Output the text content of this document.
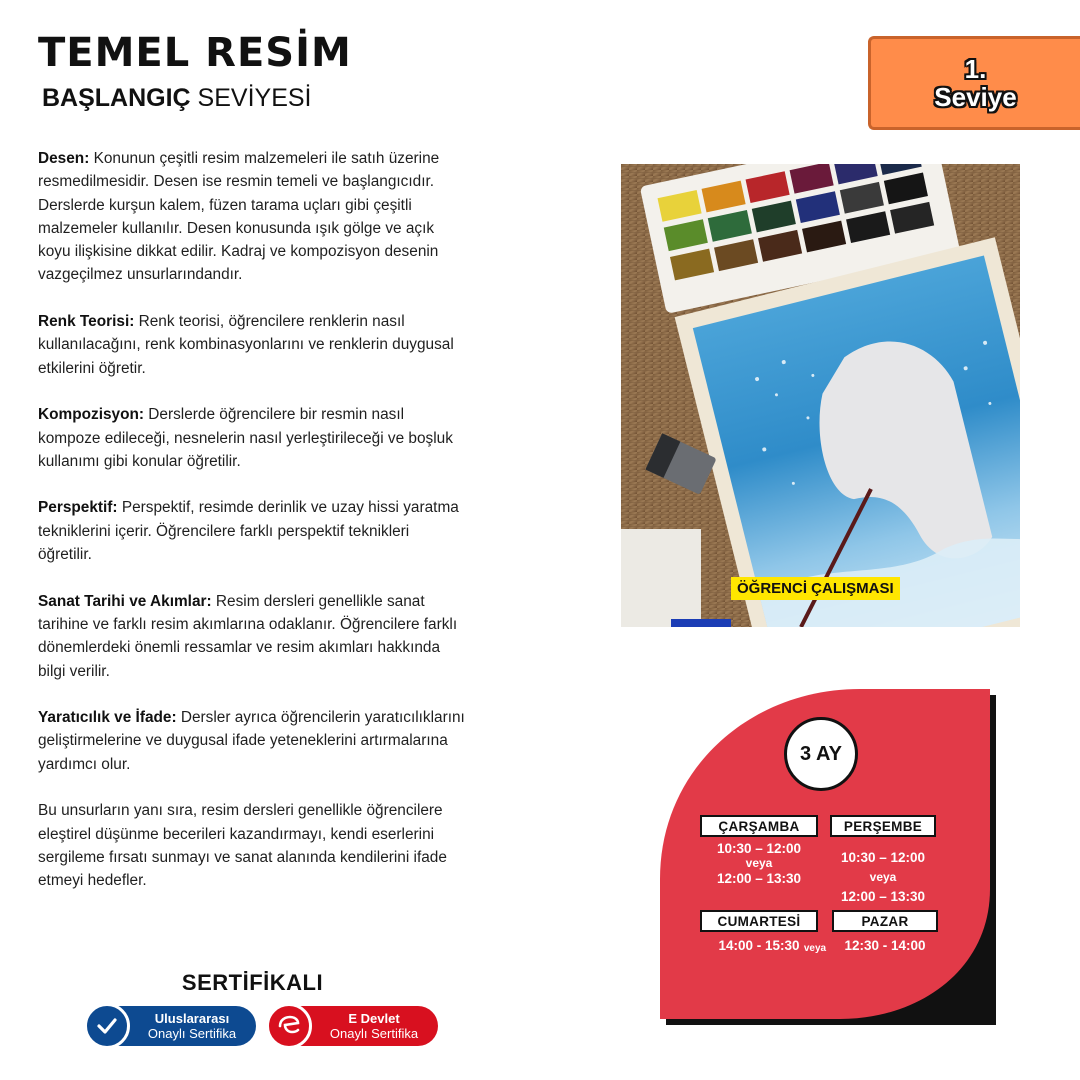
TEMEL RESİM
BAŞLANGIÇ SEVİYESİ
1.
Seviye

Desen: Konunun çeşitli resim malzemeleri ile satıh üzerine resmedilmesidir. Desen ise resmin temeli ve başlangıcıdır. Derslerde kurşun kalem, füzen tarama uçları gibi çeşitli malzemeler kullanılır. Desen konusunda ışık gölge ve açık koyu ilişkisine dikkat edilir. Kadraj ve kompozisyon desenin vazgeçilmez unsurlarındandır.

Renk Teorisi: Renk teorisi, öğrencilere renklerin nasıl kullanılacağını, renk kombinasyonlarını ve renklerin duygusal etkilerini öğretir.

Kompozisyon: Derslerde öğrencilere bir resmin nasıl kompoze edileceği, nesnelerin nasıl yerleştirileceği ve boşluk kullanımı gibi konular öğretilir.

Perspektif: Perspektif, resimde derinlik ve uzay hissi yaratma tekniklerini içerir. Öğrencilere farklı perspektif teknikleri öğretilir.

Sanat Tarihi ve Akımlar: Resim dersleri genellikle sanat tarihine ve farklı resim akımlarına odaklanır. Öğrencilere farklı dönemlerdeki önemli ressamlar ve resim akımları hakkında bilgi verilir.

Yaratıcılık ve İfade: Dersler ayrıca öğrencilerin yaratıcılıklarını geliştirmelerine ve duygusal ifade yeteneklerini artırmalarına yardımcı olur.

Bu unsurların yanı sıra, resim dersleri genellikle öğrencilere eleştirel düşünme becerileri kazandırmayı, kendi eserlerini sergileme fırsatı sunmayı ve sanat alanında kendilerini ifade etmeyi hedefler.

ÖĞRENCİ ÇALIŞMASI
3 AY
ÇARŞAMBA
10:30 – 12:00
veya
12:00 – 13:30
PERŞEMBE
10:30 – 12:00
veya
12:00 – 13:30
CUMARTESİ
14:00 - 15:30 veya
PAZAR
12:30 - 14:00
SERTİFİKALI
Uluslararası
Onaylı Sertifika
E Devlet
Onaylı Sertifika
